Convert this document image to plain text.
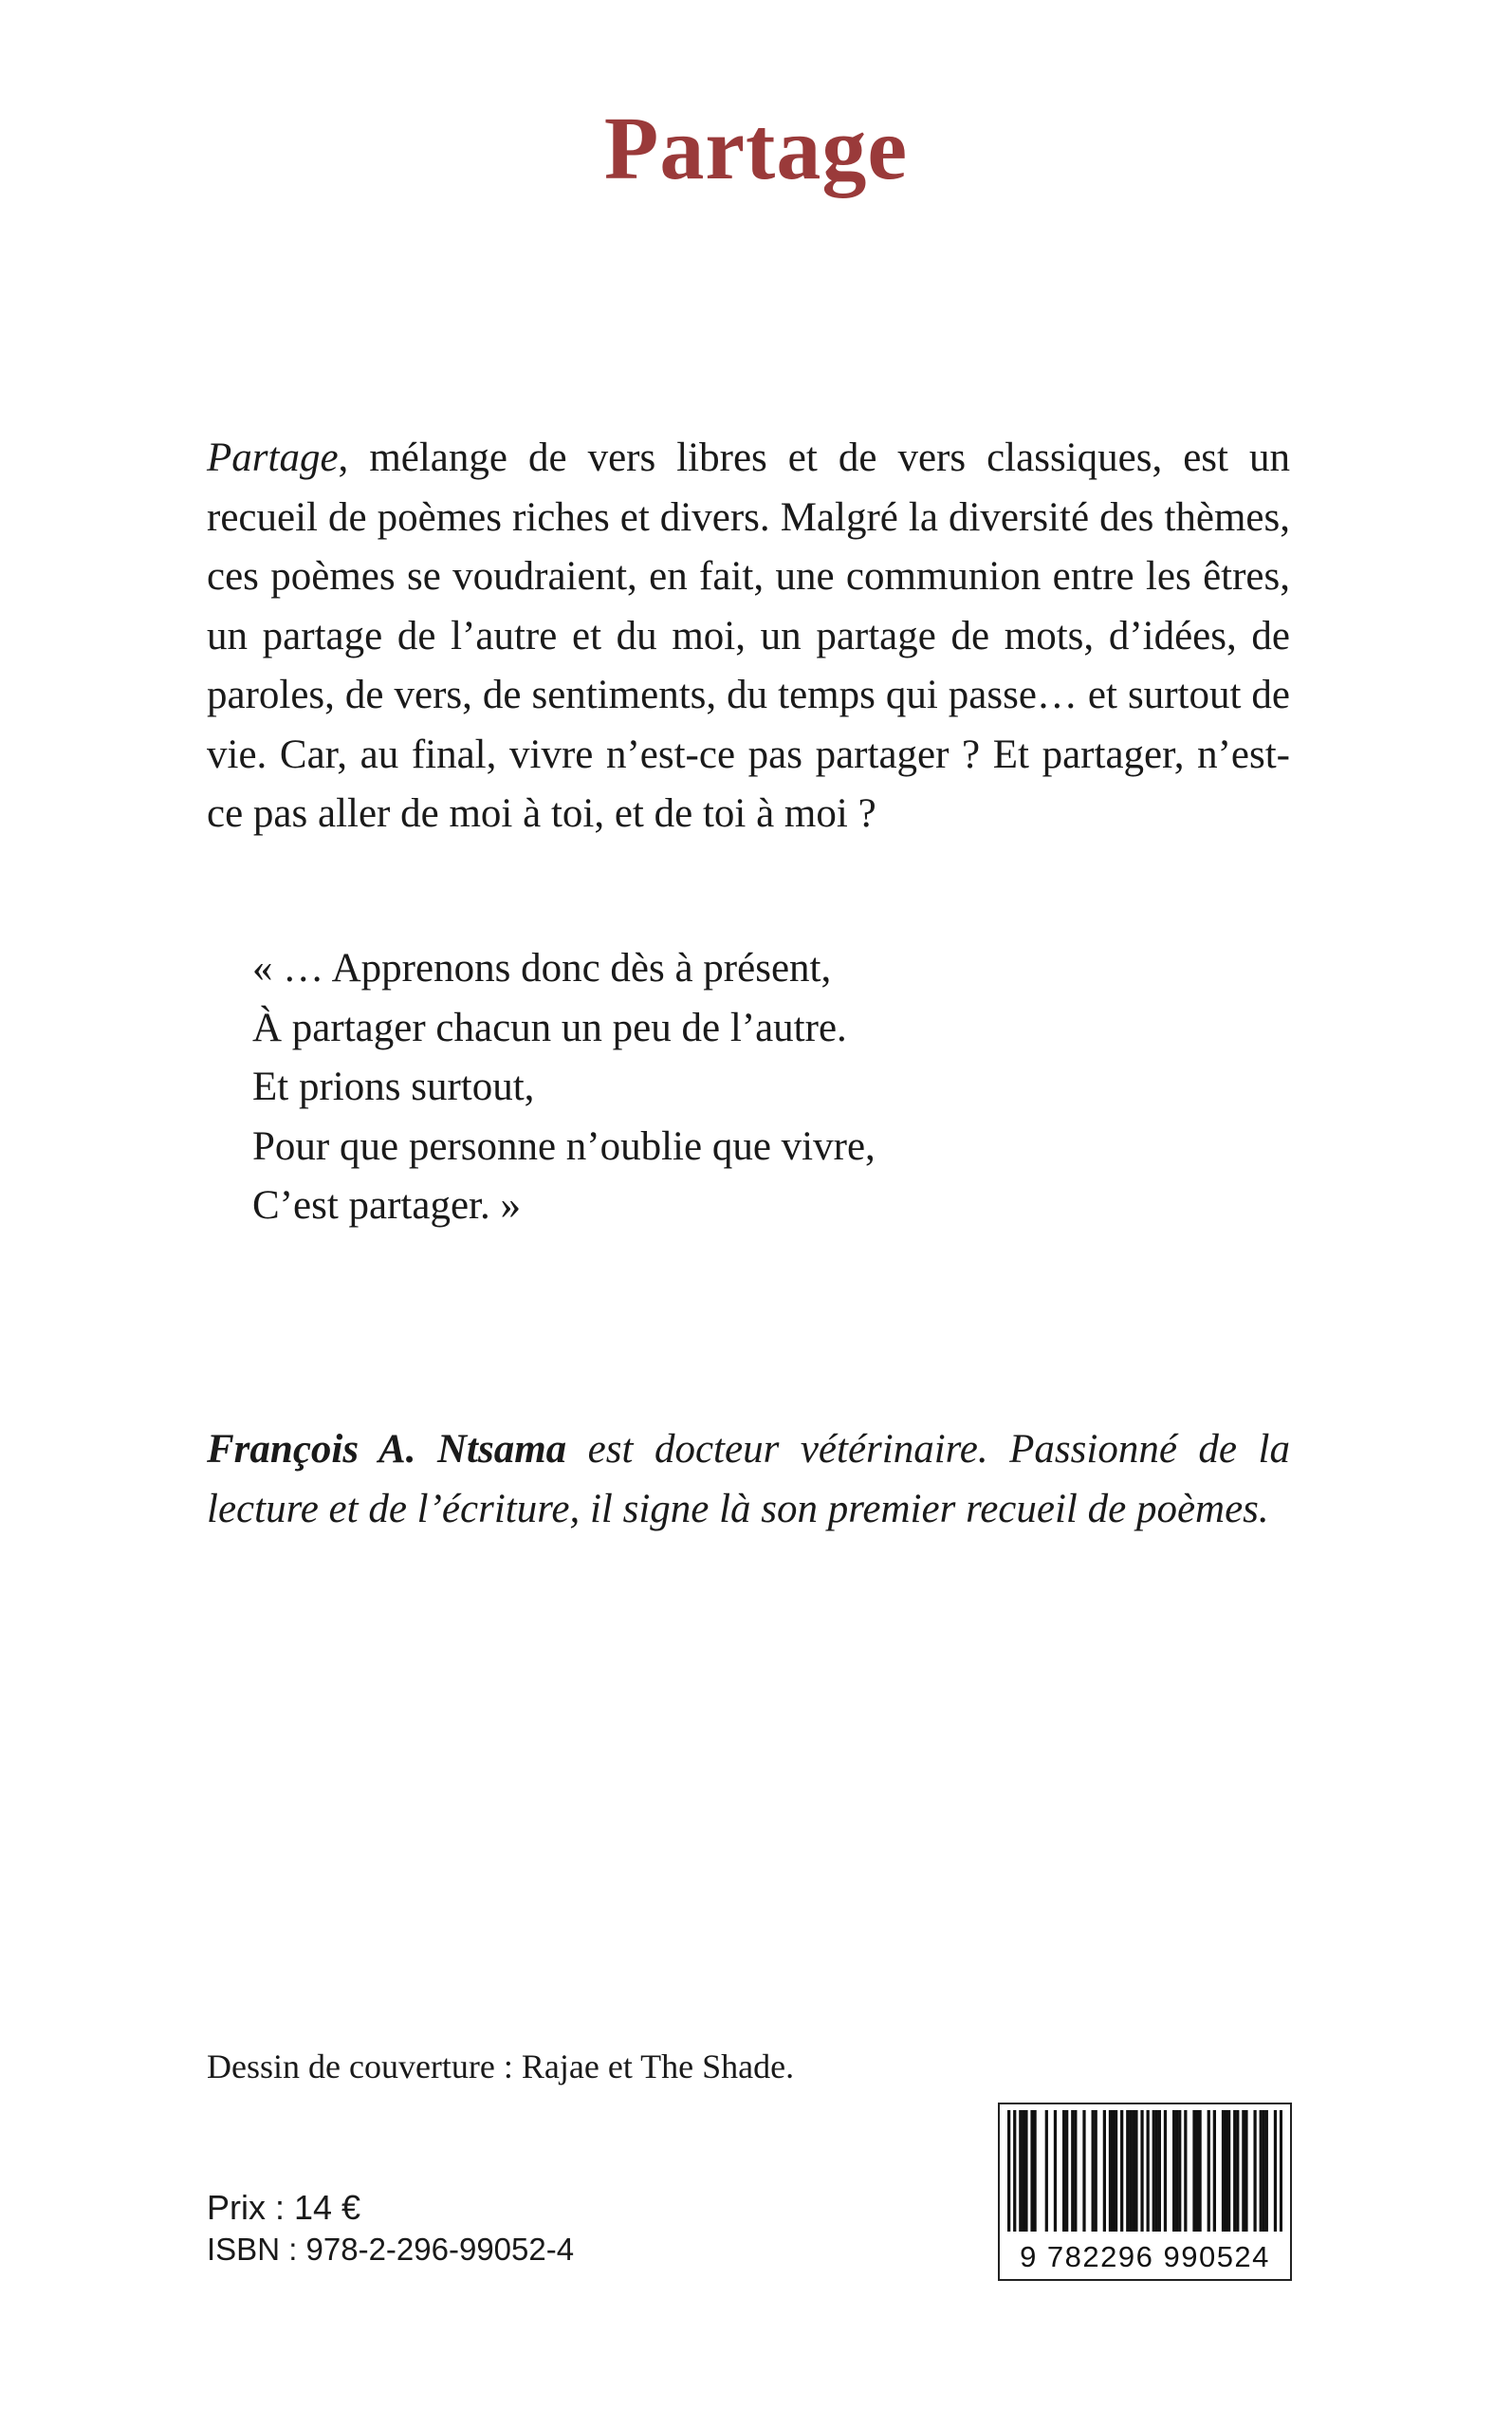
Partage

Partage, mélange de vers libres et de vers classiques, est un recueil de poèmes riches et divers. Malgré la diversité des thèmes, ces poèmes se voudraient, en fait, une communion entre les êtres, un partage de l’autre et du moi, un partage de mots, d’idées, de paroles, de vers, de sentiments, du temps qui passe… et surtout de vie. Car, au final, vivre n’est-ce pas partager ? Et partager, n’est-ce pas aller de moi à toi, et de toi à moi ?

« … Apprenons donc dès à présent,
À partager chacun un peu de l’autre.
Et prions surtout,
Pour que personne n’oublie que vivre,
C’est partager. »

François A. Ntsama est docteur vétérinaire. Passionné de la lecture et de l’écriture, il signe là son premier recueil de poèmes.

Dessin de couverture : Rajae et The Shade.
Prix : 14 €
ISBN : 978-2-296-99052-4	9 782296 990524
